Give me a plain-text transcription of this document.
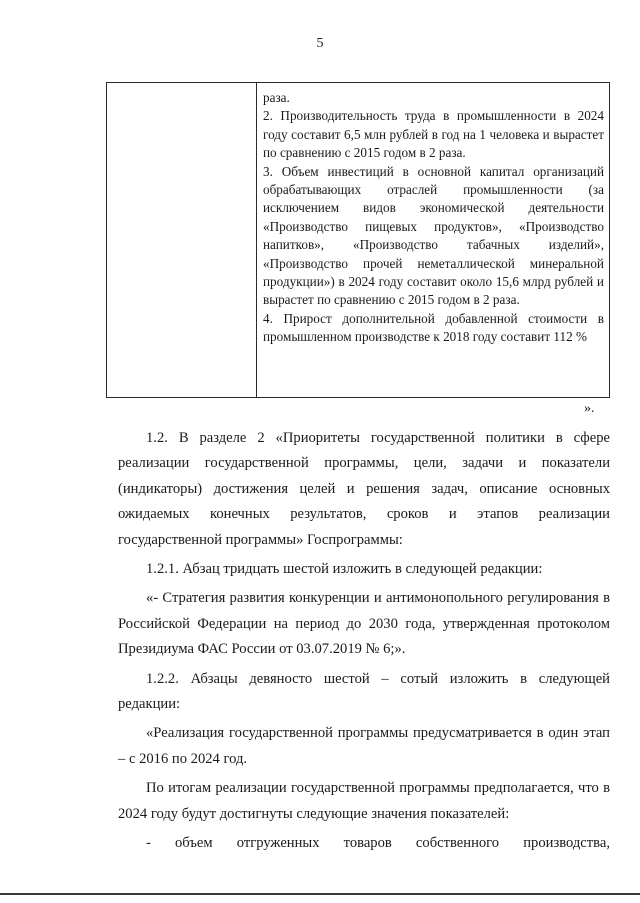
5

раза.

2. Производительность труда в промышленности в 2024 году составит 6,5 млн рублей в год на 1 человека и вырастет по сравнению с 2015 годом в 2 раза.

3. Объем инвестиций в основной капитал организаций обрабатывающих отраслей промышленности (за исключением видов экономической деятельности «Производство пищевых продуктов», «Производство напитков», «Производство табачных изделий», «Производство прочей неметаллической минеральной продукции») в 2024 году составит около 15,6 млрд рублей и вырастет по сравнению с 2015 годом в 2 раза.

4. Прирост дополнительной добавленной стоимости в промышленном производстве к 2018 году составит 112 %

».

1.2. В разделе 2 «Приоритеты государственной политики в сфере реализации государственной программы, цели, задачи и показатели (индикаторы) достижения целей и решения задач, описание основных ожидаемых конечных результатов, сроков и этапов реализации государственной программы» Госпрограммы:

1.2.1. Абзац тридцать шестой изложить в следующей редакции:

«- Стратегия развития конкуренции и антимонопольного регулирования в Российской Федерации на период до 2030 года, утвержденная протоколом Президиума ФАС России от 03.07.2019 № 6;».

1.2.2. Абзацы девяносто шестой – сотый изложить в следующей редакции:

«Реализация государственной программы предусматривается в один этап – с 2016 по 2024 год.

По итогам реализации государственной программы предполагается, что в 2024 году будут достигнуты следующие значения показателей:

- объем отгруженных товаров собственного производства,
